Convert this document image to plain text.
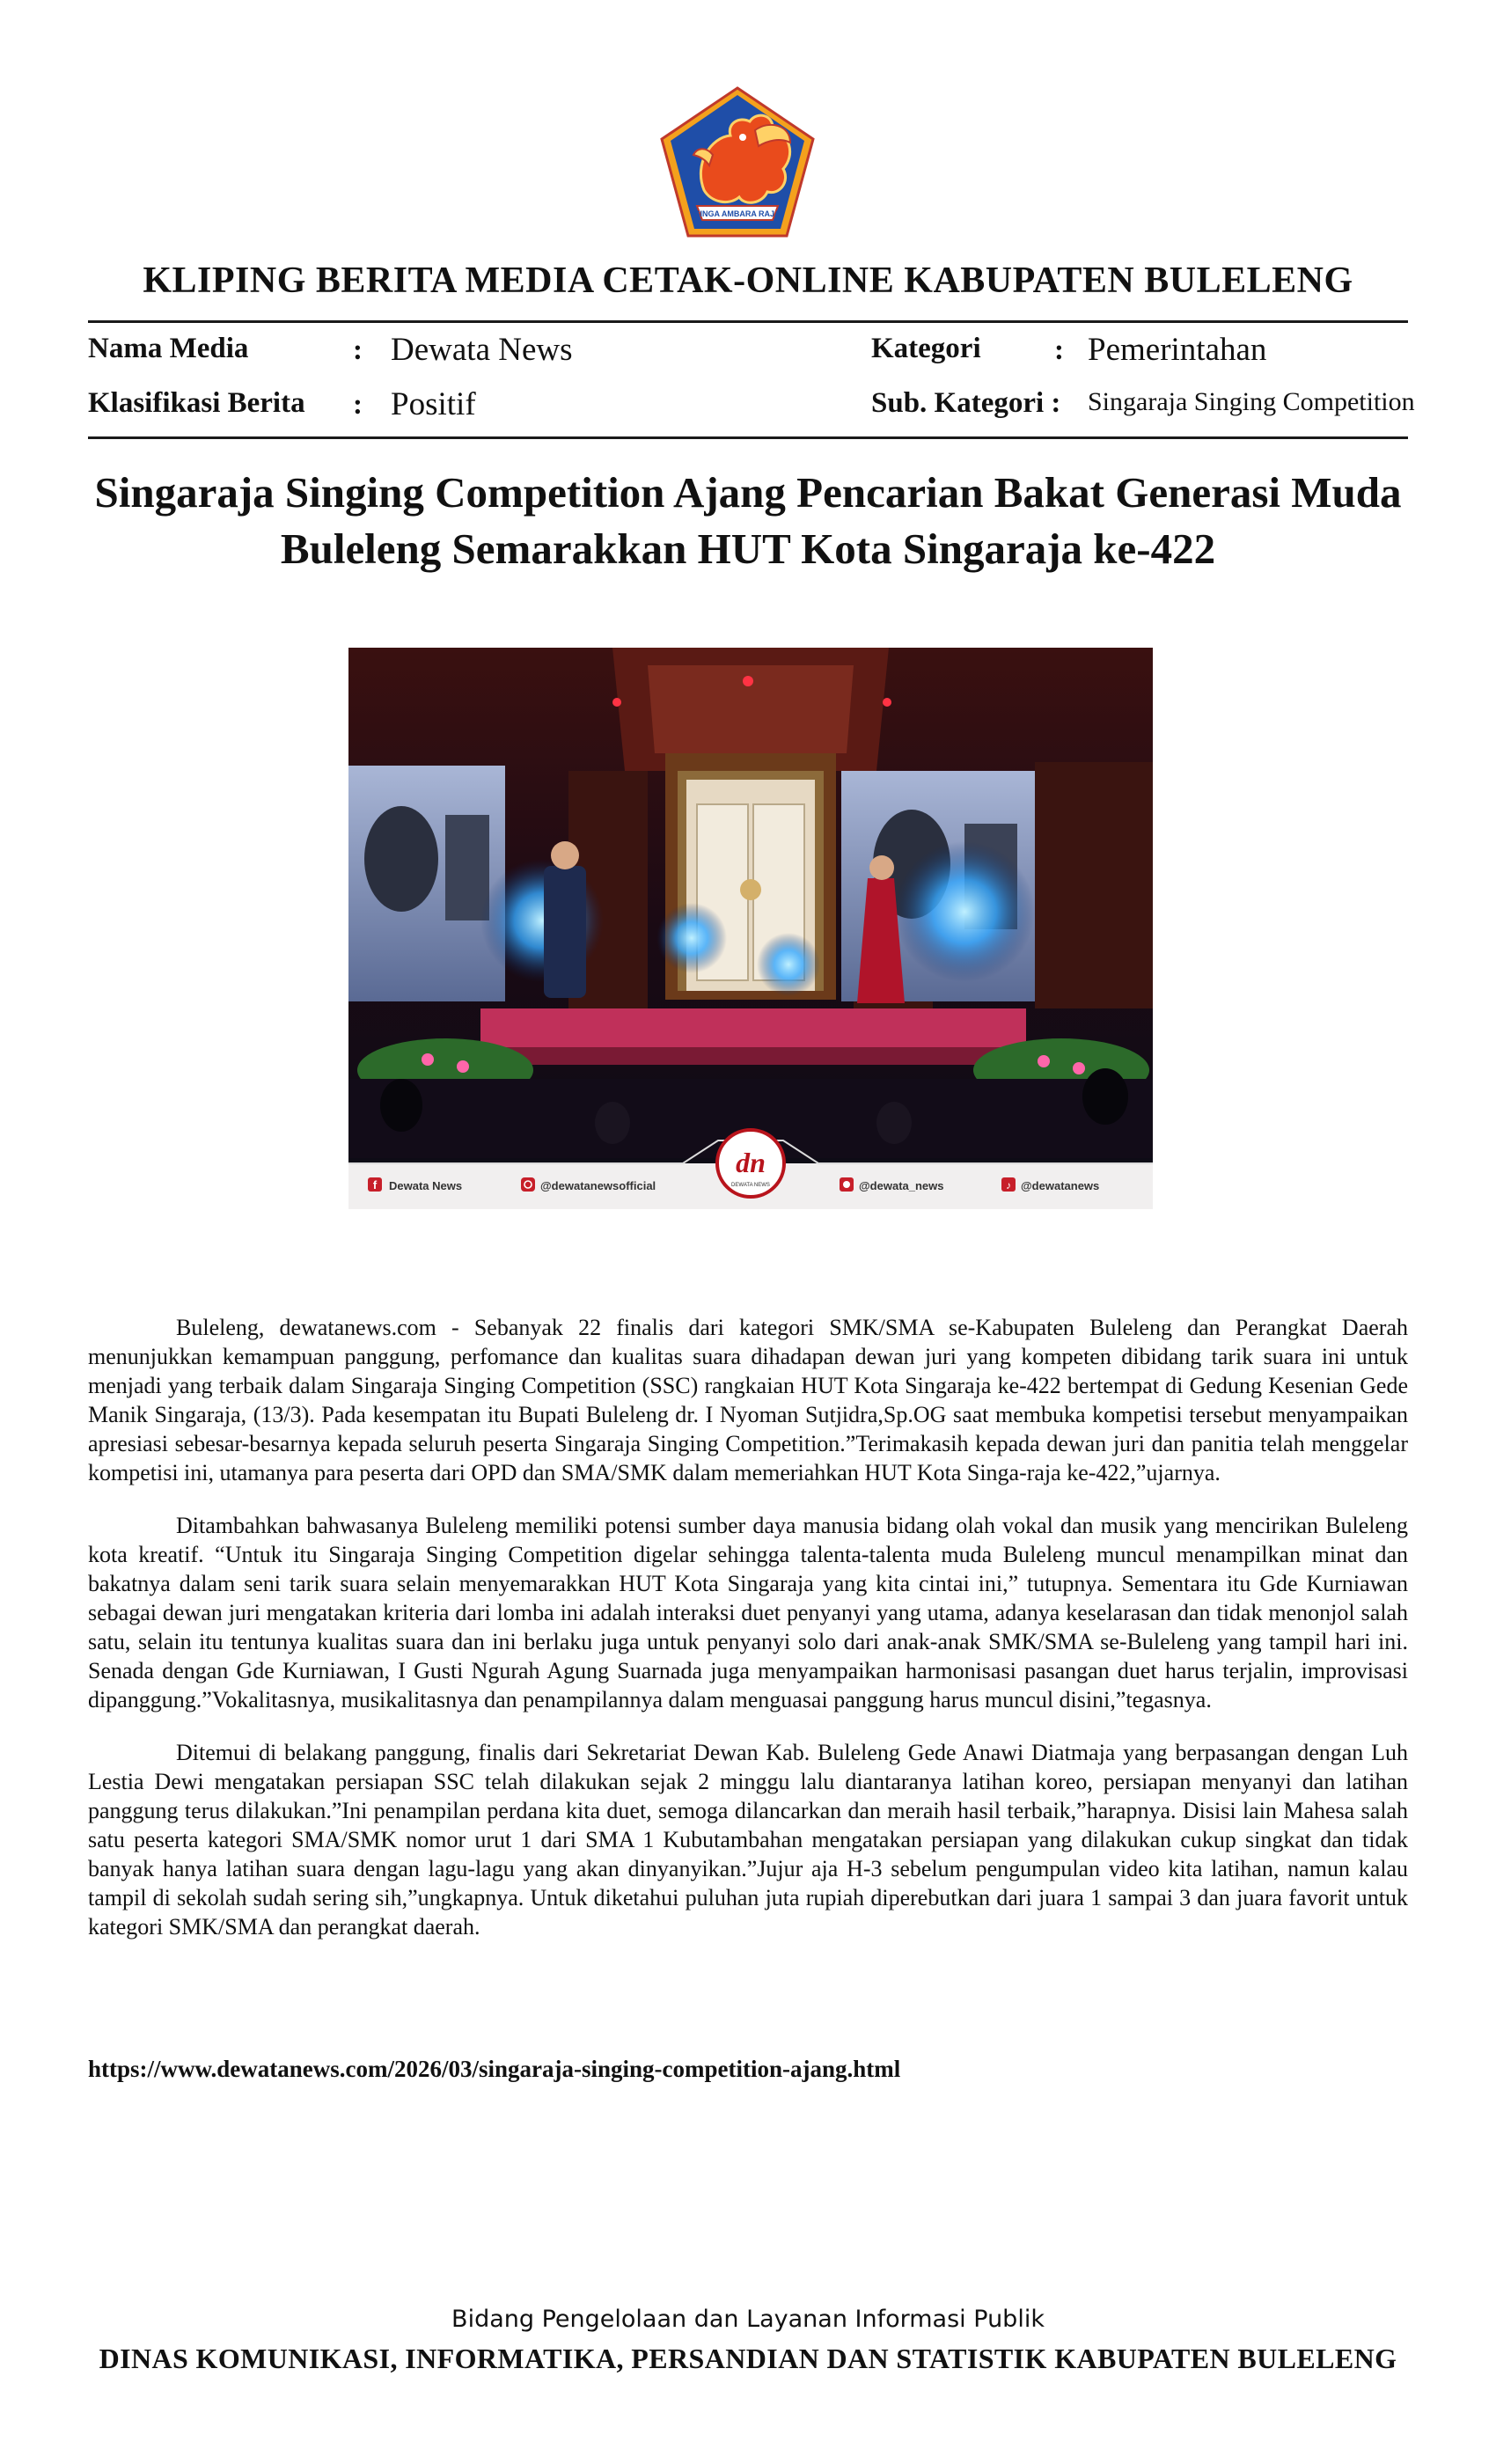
SINGA AMBARA RAJA
KLIPING BERITA MEDIA CETAK-ONLINE KABUPATEN BULELENG
Nama Media	: Dewata News
Klasifikasi Berita : Positif
Kategori	: Pemerintahan
Sub. Kategori : Singaraja Singing Competition
Singaraja Singing Competition Ajang Pencarian Bakat Generasi Muda
Buleleng Semarakkan HUT Kota Singaraja ke-422
dn
DEWATA NEWS
f Dewata News	@dewatanewsofficial	@dewata_news	♪ @dewatanews

Buleleng, dewatanews.com - Sebanyak 22 finalis dari kategori SMK/SMA se-Kabupaten Buleleng dan Perangkat Daerah menunjukkan kemampuan panggung, perfomance dan kualitas suara dihadapan dewan juri yang kompeten dibidang tarik suara ini untuk menjadi yang terbaik dalam Singaraja Singing Competition (SSC) rangkaian HUT Kota Singaraja ke-422 bertempat di Gedung Kesenian Gede Manik Singaraja, (13/3). Pada kesempatan itu Bupati Buleleng dr. I Nyoman Sutjidra,Sp.OG saat membuka kompetisi tersebut menyampaikan apresiasi sebesar-besarnya kepada seluruh peserta Singaraja Singing Competition.”Terimakasih kepada dewan juri dan panitia telah menggelar kompetisi ini, utamanya para peserta dari OPD dan SMA/SMK dalam memeriahkan HUT Kota Singa-raja ke-422,”ujarnya.

Ditambahkan bahwasanya Buleleng memiliki potensi sumber daya manusia bidang olah vokal dan musik yang mencirikan Buleleng kota kreatif. “Untuk itu Singaraja Singing Competition digelar sehingga talenta-talenta muda Buleleng muncul menampilkan minat dan bakatnya dalam seni tarik suara selain menyemarakkan HUT Kota Singaraja yang kita cintai ini,” tutupnya. Sementara itu Gde Kurniawan sebagai dewan juri mengatakan kriteria dari lomba ini adalah interaksi duet penyanyi yang utama, adanya keselarasan dan tidak menonjol salah satu, selain itu tentunya kualitas suara dan ini berlaku juga untuk penyanyi solo dari anak-anak SMK/SMA se-Buleleng yang tampil hari ini. Senada dengan Gde Kurniawan, I Gusti Ngurah Agung Suarnada juga menyampaikan harmonisasi pasangan duet harus terjalin, improvisasi dipanggung.”Vokalitasnya, musikalitasnya dan penampilannya dalam menguasai panggung harus muncul disini,”tegasnya.

Ditemui di belakang panggung, finalis dari Sekretariat Dewan Kab. Buleleng Gede Anawi Diatmaja yang berpasangan dengan Luh Lestia Dewi mengatakan persiapan SSC telah dilakukan sejak 2 minggu lalu diantaranya latihan koreo, persiapan menyanyi dan latihan panggung terus dilakukan.”Ini penampilan perdana kita duet, semoga dilancarkan dan meraih hasil terbaik,”harapnya. Disisi lain Mahesa salah satu peserta kategori SMA/SMK nomor urut 1 dari SMA 1 Kubutambahan mengatakan persiapan yang dilakukan cukup singkat dan tidak banyak hanya latihan suara dengan lagu-lagu yang akan dinyanyikan.”Jujur aja H-3 sebelum pengumpulan video kita latihan, namun kalau tampil di sekolah sudah sering sih,”ungkapnya. Untuk diketahui puluhan juta rupiah diperebutkan dari juara 1 sampai 3 dan juara favorit untuk kategori SMK/SMA dan perangkat daerah.

https://www.dewatanews.com/2026/03/singaraja-singing-competition-ajang.html
Bidang Pengelolaan dan Layanan Informasi Publik
DINAS KOMUNIKASI, INFORMATIKA, PERSANDIAN DAN STATISTIK KABUPATEN BULELENG
